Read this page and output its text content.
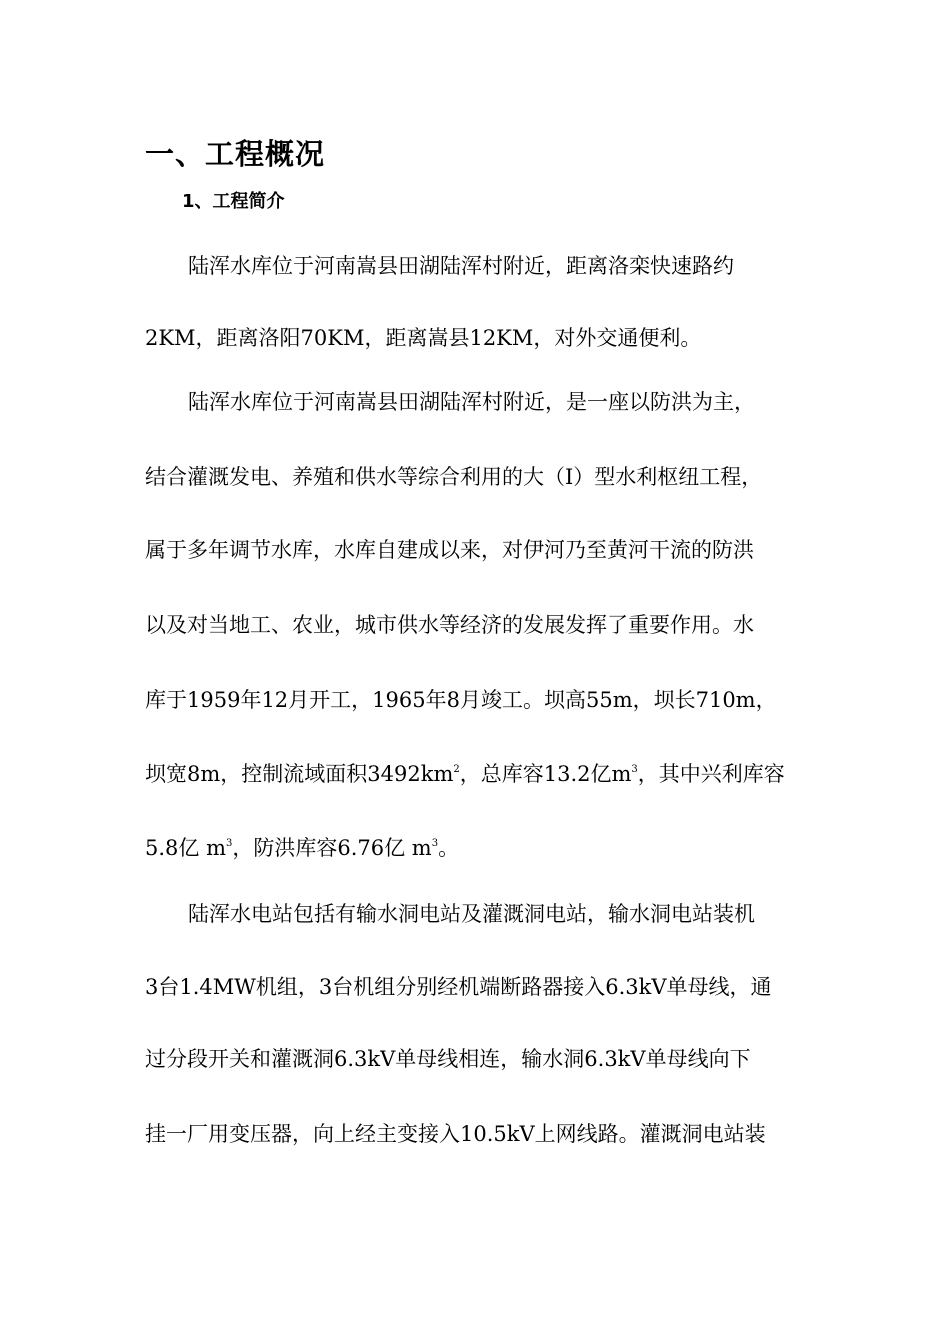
一、工程概况
1、工程简介
陆浑水库位于河南嵩县田湖陆浑村附近，距离洛栾快速路约
2KM，距离洛阳70KM，距离嵩县12KM，对外交通便利。
陆浑水库位于河南嵩县田湖陆浑村附近，是一座以防洪为主，
结合灌溉发电、养殖和供水等综合利用的大（Ⅰ）型水利枢纽工程，
属于多年调节水库，水库自建成以来，对伊河乃至黄河干流的防洪
以及对当地工、农业，城市供水等经济的发展发挥了重要作用。水
库于1959年12月开工，1965年8月竣工。坝高55m，坝长710m，
坝宽8m，控制流域面积$3492km^2$，总库容13.2亿$m^3$，其中兴利库容
5.8亿 $m^3$，防洪库容6.76亿 $m^3$。
陆浑水电站包括有输水洞电站及灌溉洞电站，输水洞电站装机
3台1.4MW机组，3台机组分别经机端断路器接入6.3kV单母线，通
过分段开关和灌溉洞6.3kV单母线相连，输水洞6.3kV单母线向下
挂一厂用变压器，向上经主变接入10.5kV上网线路。灌溉洞电站装
